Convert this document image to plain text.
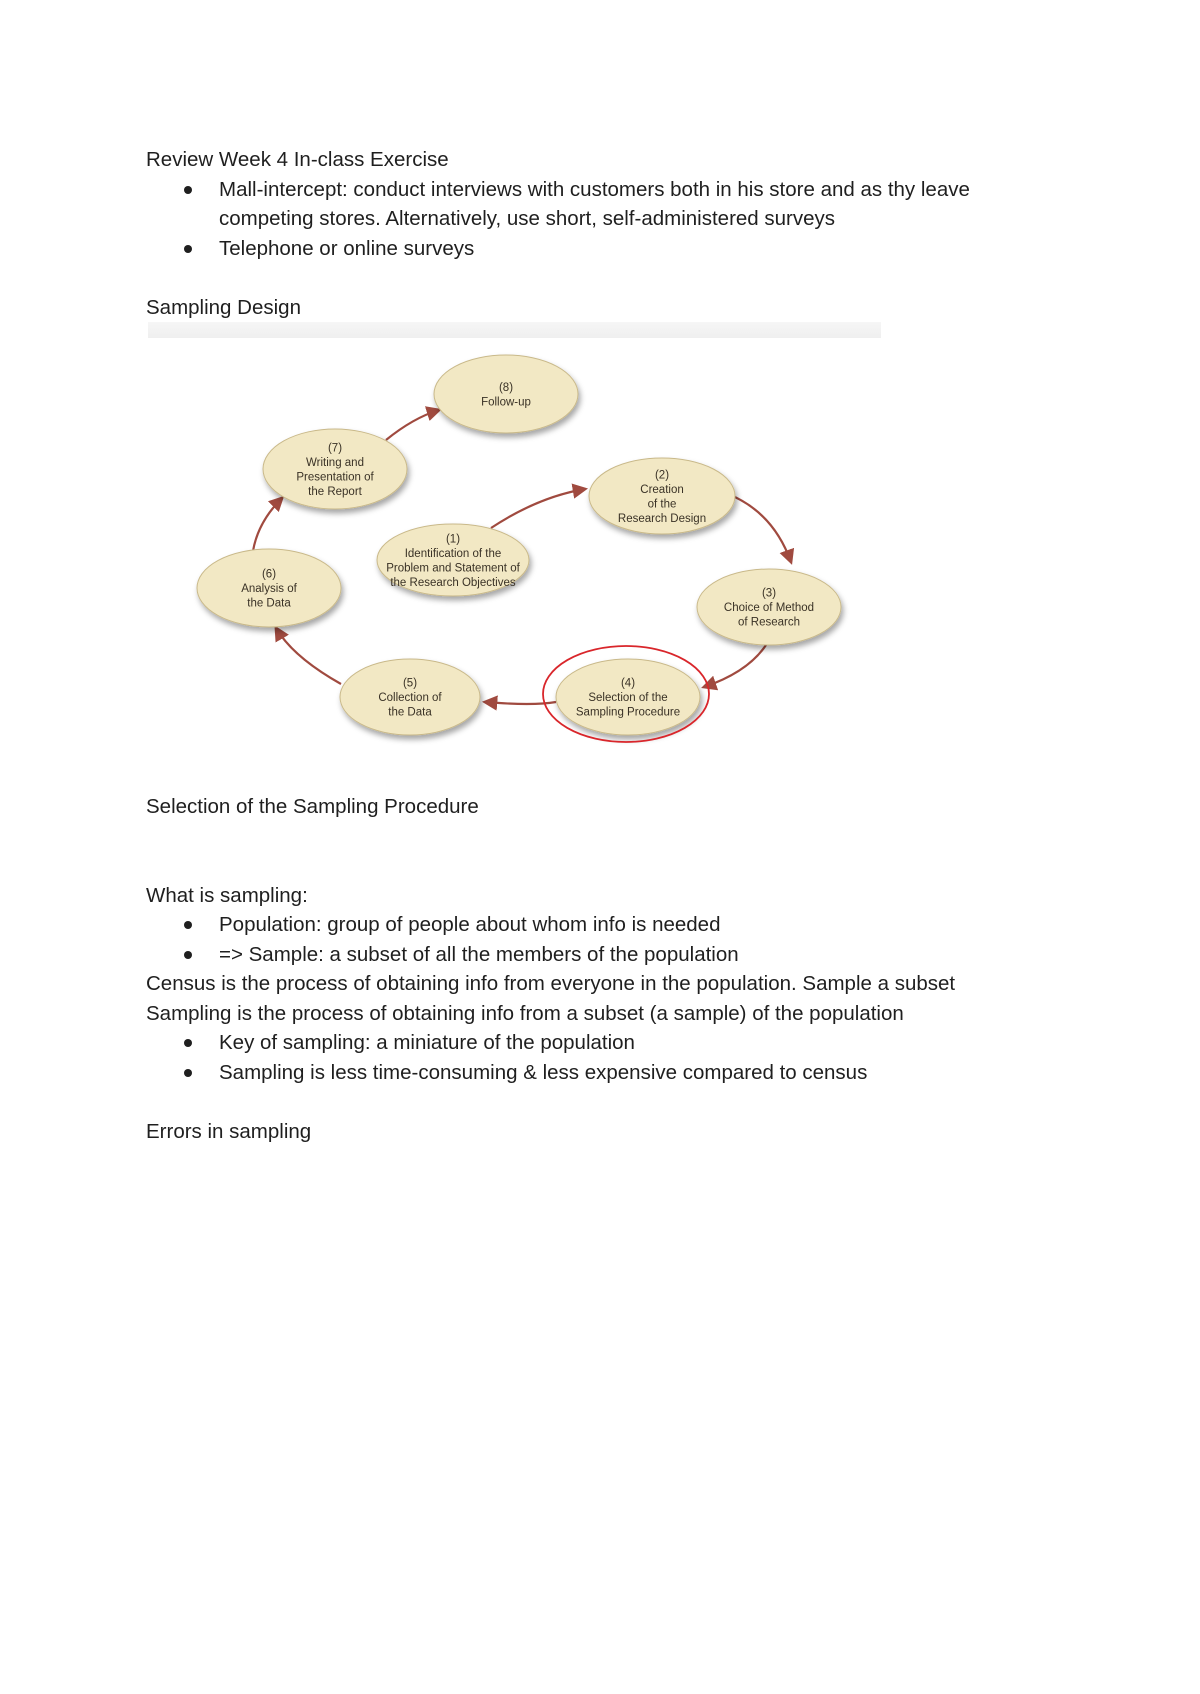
Review Week 4 In-class Exercise

Mall-intercept: conduct interviews with customers both in his store and as thy leave competing stores. Alternatively, use short, self-administered surveys
Telephone or online surveys

Sampling Design

(1)
Identification of the
Problem and Statement of
the Research Objectives
(2)
Creation
of the
Research Design
(3)
Choice of Method
of Research
(4)
Selection of the
Sampling Procedure
(5)
Collection of
the Data
(6)
Analysis of
the Data
(7)
Writing and
Presentation of
the Report
(8)
Follow-up

Selection of the Sampling Procedure

What is sampling:

Population: group of people about whom info is needed
=> Sample: a subset of all the members of the population

Census is the process of obtaining info from everyone in the population. Sample a subset

Sampling is the process of obtaining info from a subset (a sample) of the population

Key of sampling: a miniature of the population
Sampling is less time-consuming & less expensive compared to census

Errors in sampling
